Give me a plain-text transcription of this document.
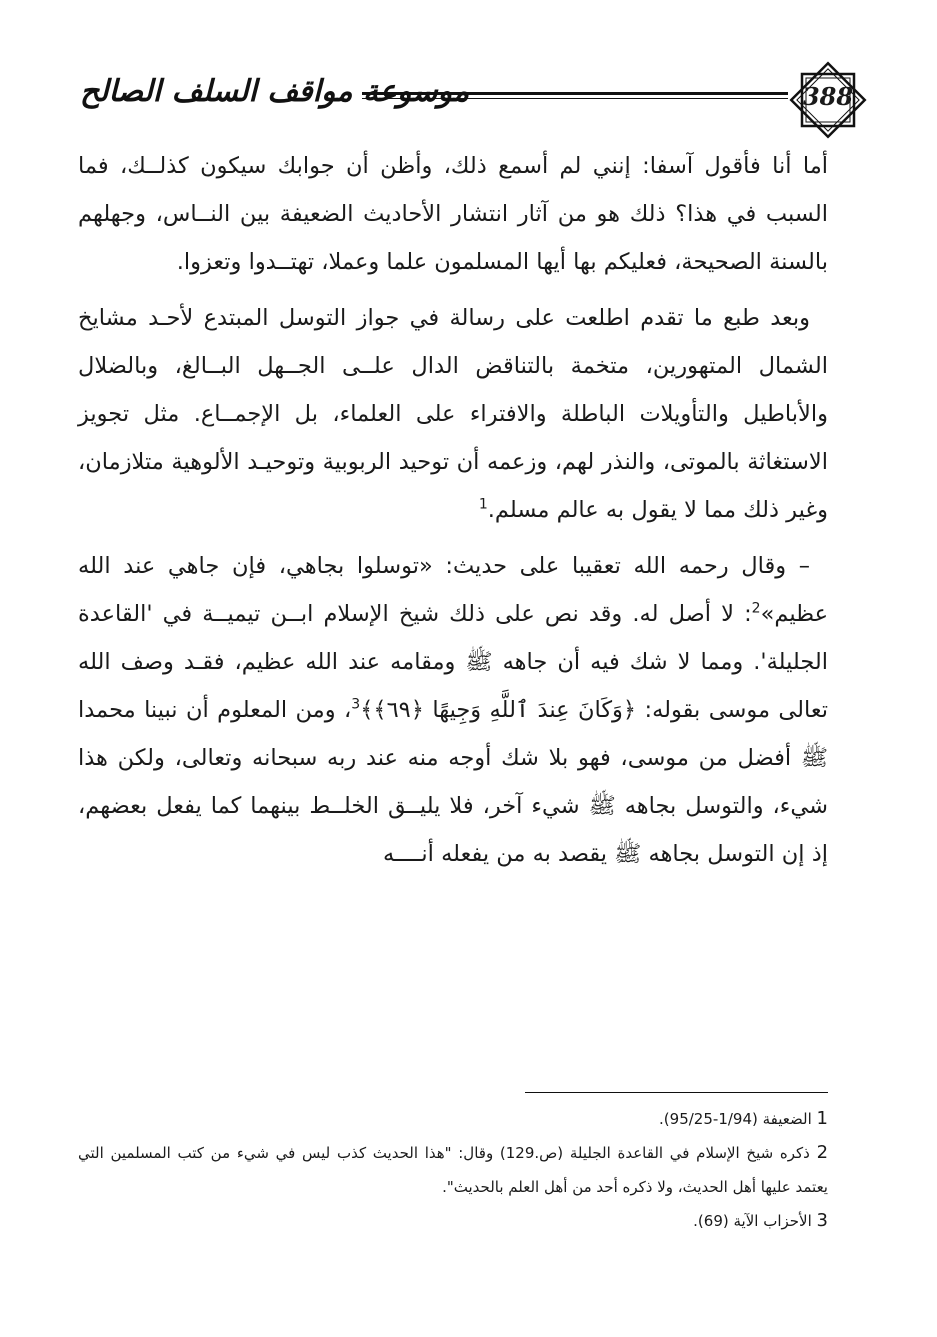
موسوعة مواقف السلف الصالح	388

أما أنا فأقول آسفا: إنني لم أسمع ذلك، وأظن أن جوابك سيكون كذلــك، فما السبب في هذا؟ ذلك هو من آثار انتشار الأحاديث الضعيفة بين النــاس، وجهلهم بالسنة الصحيحة، فعليكم بها أيها المسلمون علما وعملا، تهتــدوا وتعزوا.

وبعد طبع ما تقدم اطلعت على رسالة في جواز التوسل المبتدع لأحـد مشايخ الشمال المتهورين، متخمة بالتناقض الدال علــى الجــهل البــالغ، وبالضلال والأباطيل والتأويلات الباطلة والافتراء على العلماء، بل الإجمــاع. مثل تجويز الاستغاثة بالموتى، والنذر لهم، وزعمه أن توحيد الربوبية وتوحيـد الألوهية متلازمان، وغير ذلك مما لا يقول به عالم مسلم.$^1$

– وقال رحمه الله تعقيبا على حديث: «توسلوا بجاهي، فإن جاهي عند الله عظيم»$^2$: لا أصل له. وقد نص على ذلك شيخ الإسلام ابــن تيميــة في 'القاعدة الجليلة'. ومما لا شك فيه أن جاهه ﷺ ومقامه عند الله عظيم، فقـد وصف الله تعالى موسى بقوله: ﴿وَكَانَ عِندَ ٱللَّهِ وَجِيهًا ﴿٦٩﴾﴾$^3$، ومن المعلوم أن نبينا محمدا ﷺ أفضل من موسى، فهو بلا شك أوجه منه عند ربه سبحانه وتعالى، ولكن هذا شيء، والتوسل بجاهه ﷺ شيء آخر، فلا يليــق الخلــط بينهما كما يفعل بعضهم، إذ إن التوسل بجاهه ﷺ يقصد به من يفعله أنــــه

1 الضعيفة (1/94-95/25).

2 ذكره شيخ الإسلام في القاعدة الجليلة (ص.129) وقال: "هذا الحديث كذب ليس في شيء من كتب المسلمين التي يعتمد عليها أهل الحديث، ولا ذكره أحد من أهل العلم بالحديث".

3 الأحزاب الآية (69).
